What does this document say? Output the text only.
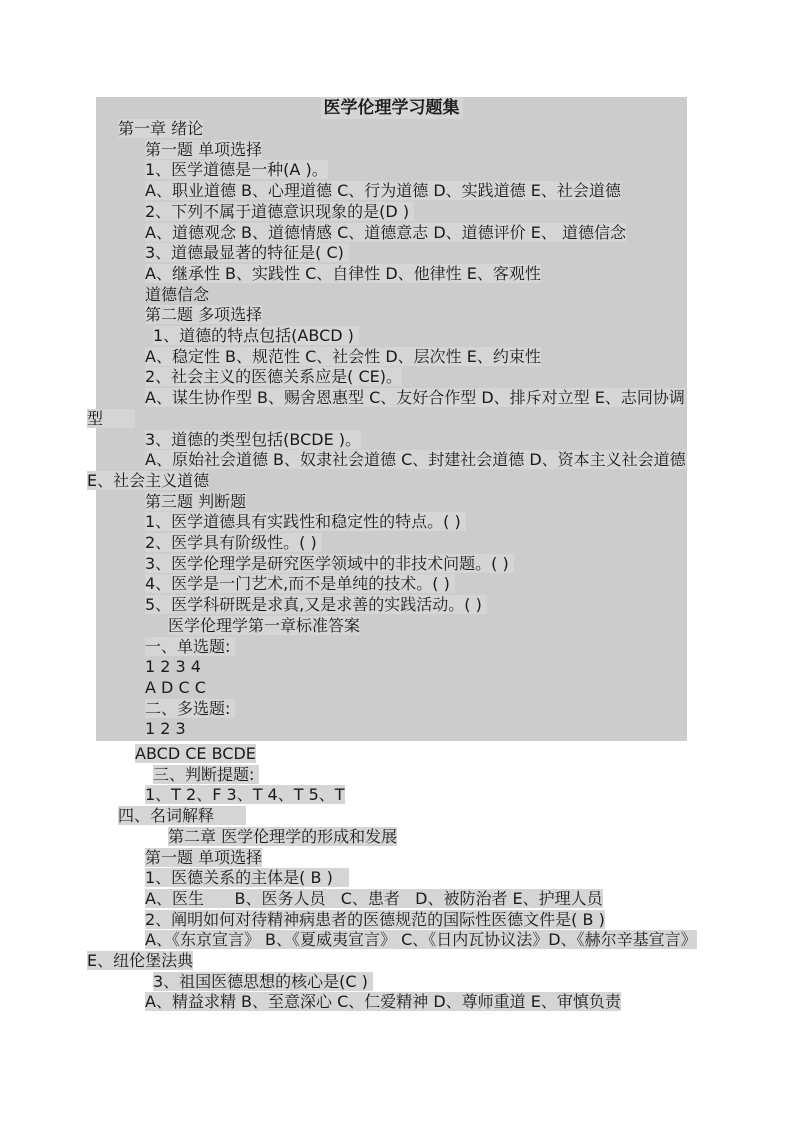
医学伦理学习题集
第一章 绪论
第一题 单项选择
1、医学道德是一种(A )。
A、职业道德 B、心理道德 C、行为道德 D、实践道德 E、社会道德
2、下列不属于道德意识现象的是(D )
A、道德观念 B、道德情感 C、道德意志 D、道德评价 E、 道德信念
3、道德最显著的特征是( C)
A、继承性 B、实践性 C、自律性 D、他律性 E、客观性
道德信念
第二题 多项选择
1、道德的特点包括(ABCD )
A、稳定性 B、规范性 C、社会性 D、层次性 E、约束性
2、社会主义的医德关系应是( CE)。
A、谋生协作型 B、赐舍恩惠型 C、友好合作型 D、排斥对立型 E、志同协调
型　　
3、道德的类型包括(BCDE )。
A、原始社会道德 B、奴隶社会道德 C、封建社会道德 D、资本主义社会道德
E、社会主义道德
第三题 判断题
1、医学道德具有实践性和稳定性的特点。( )
2、医学具有阶级性。( )
3、医学伦理学是研究医学领域中的非技术问题。( )
4、医学是一门艺术,而不是单纯的技术。( )
5、医学科研既是求真,又是求善的实践活动。( )
医学伦理学第一章标准答案
一、单选题:
1 2 3 4
A D C C
二、多选题:
1 2 3
ABCD CE BCDE
三、判断提题:
1、T 2、F 3、T 4、T 5、T
四、名词解释　　
第二章 医学伦理学的形成和发展
第一题 单项选择
1、医德关系的主体是( B )　
A、医生      B、医务人员   C、患者   D、被防治者 E、护理人员
2、阐明如何对待精神病患者的医德规范的国际性医德文件是( B )
A、《东京宣言》 B、《夏威夷宣言》 C、《日内瓦协议法》D、《赫尔辛基宣言》
E、纽伦堡法典
3、祖国医德思想的核心是(C )
A、精益求精 B、至意深心 C、仁爱精神 D、尊师重道 E、审慎负责
